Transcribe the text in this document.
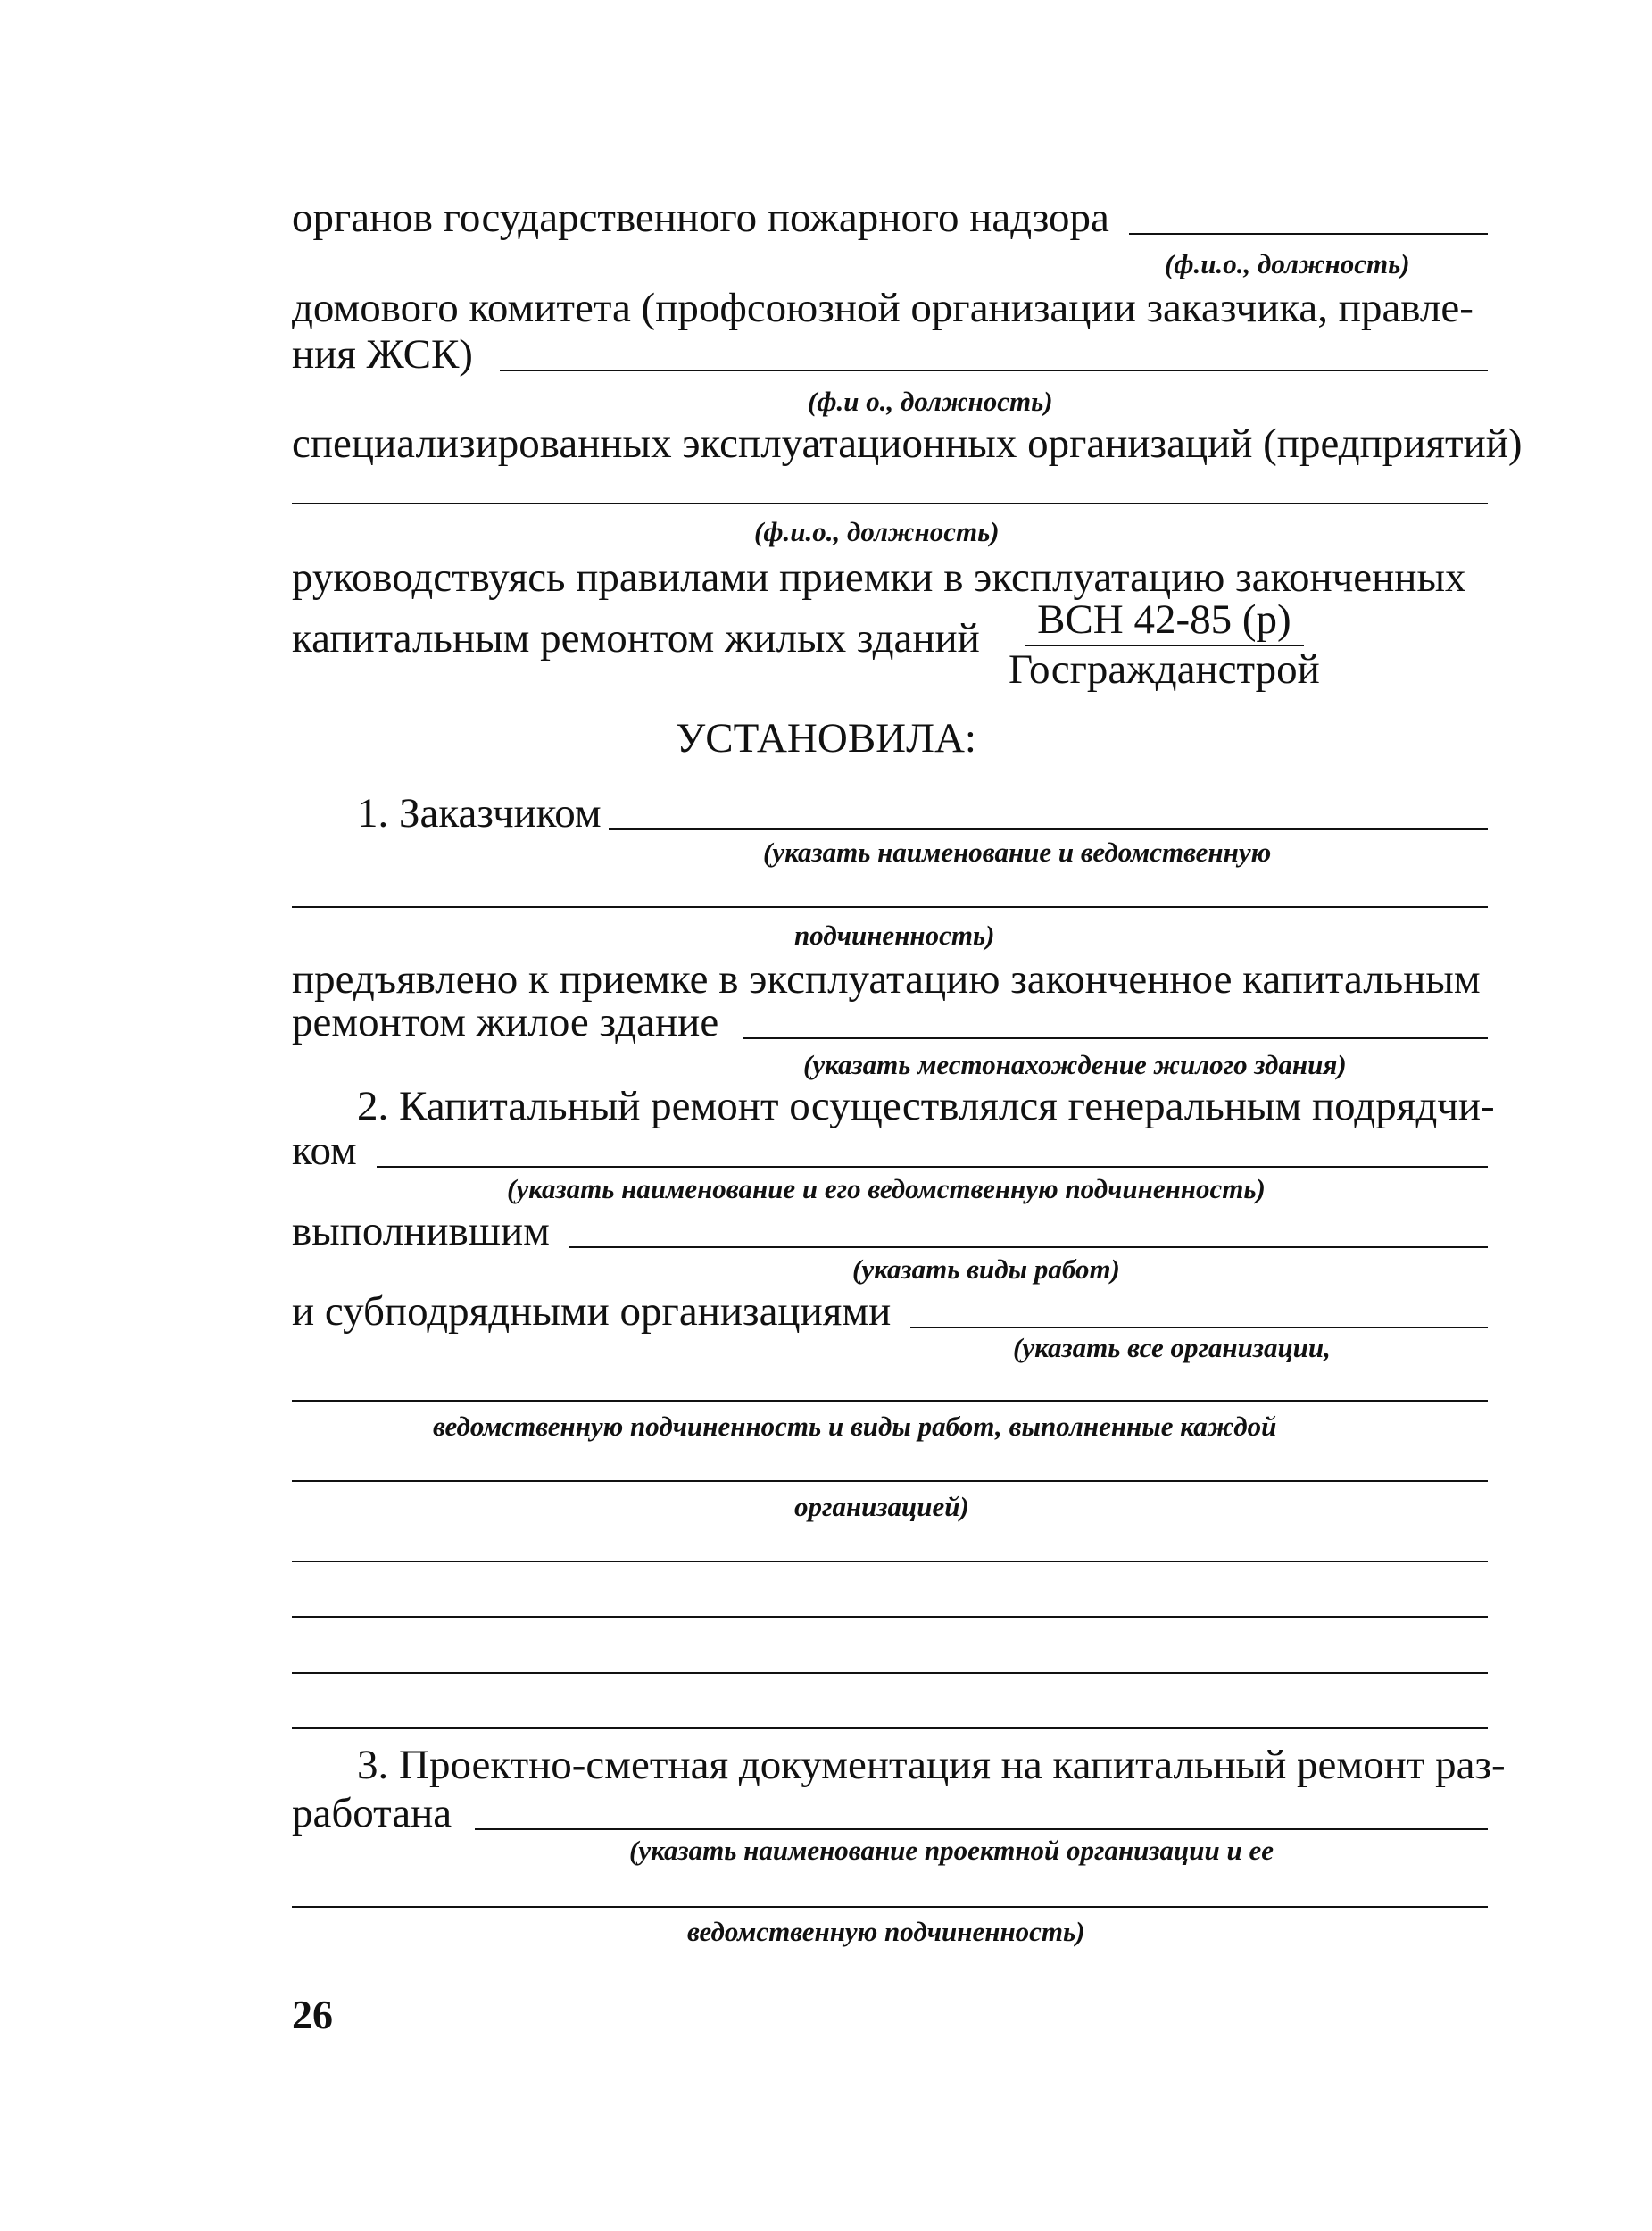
органов государственного пожарного надзора
(ф.и.о., должность)
домового комитета (профсоюзной организации заказчика, правле-
ния ЖСК)
(ф.и о., должность)
специализированных эксплуатационных организаций (предприятий)
(ф.и.о., должность)
руководствуясь правилами приемки в эксплуатацию законченных
капитальным ремонтом жилых зданий ВСН 42-85 (р)
Госгражданстрой
УСТАНОВИЛА:
1. Заказчиком
(указать наименование и ведомственную
подчиненность)
предъявлено к приемке в эксплуатацию законченное капитальным
ремонтом жилое здание
(указать местонахождение жилого здания)
2. Капитальный ремонт осуществлялся генеральным подрядчи-
ком
(указать наименование и его ведомственную подчиненность)
выполнившим
(указать виды работ)
и субподрядными организациями
(указать все организации,
ведомственную подчиненность и виды работ, выполненные каждой
организацией)
3. Проектно-сметная документация на капитальный ремонт раз-
работана
(указать наименование проектной организации и ее
ведомственную подчиненность)
26
